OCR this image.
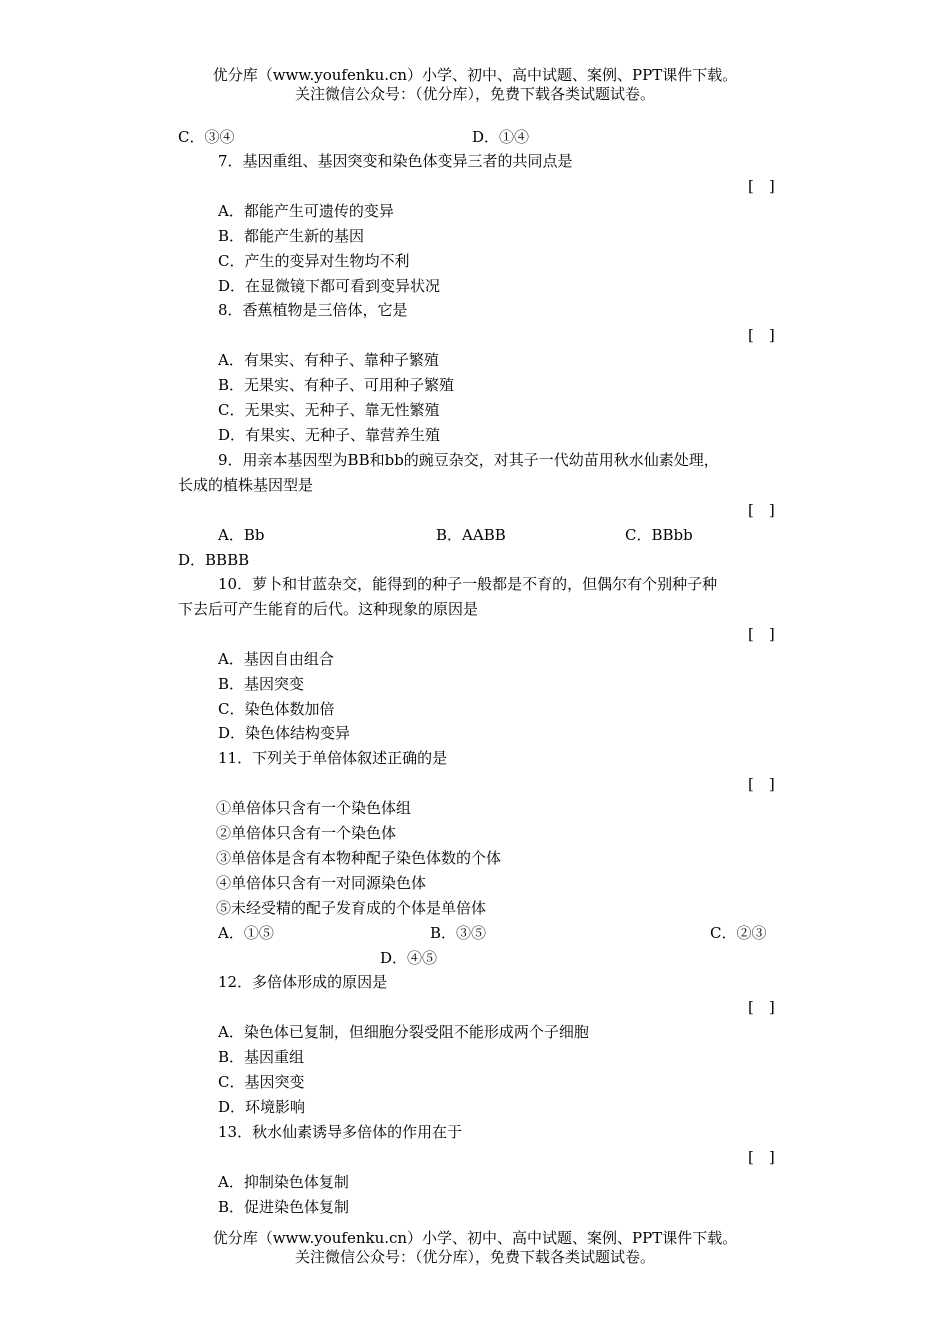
优分库（www.youfenku.cn）小学、初中、高中试题、案例、PPT课件下载。
关注微信公众号：（优分库），免费下载各类试题试卷。
C．③④	D．①④
7．基因重组、基因突变和染色体变异三者的共同点是
[　]
A．都能产生可遗传的变异
B．都能产生新的基因
C．产生的变异对生物均不利
D．在显微镜下都可看到变异状况
8．香蕉植物是三倍体，它是
[　]
A．有果实、有种子、靠种子繁殖
B．无果实、有种子、可用种子繁殖
C．无果实、无种子、靠无性繁殖
D．有果实、无种子、靠营养生殖
9．用亲本基因型为BB和bb的豌豆杂交，对其子一代幼苗用秋水仙素处理，
长成的植株基因型是
[　]
A．Bb	B．AABB	C．BBbb
D．BBBB
10．萝卜和甘蓝杂交，能得到的种子一般都是不育的，但偶尔有个别种子种
下去后可产生能育的后代。这种现象的原因是
[　]
A．基因自由组合
B．基因突变
C．染色体数加倍
D．染色体结构变异
11．下列关于单倍体叙述正确的是
[　]
①单倍体只含有一个染色体组
②单倍体只含有一个染色体
③单倍体是含有本物种配子染色体数的个体
④单倍体只含有一对同源染色体
⑤未经受精的配子发育成的个体是单倍体
A．①⑤	B．③⑤	C．②③
D．④⑤
12．多倍体形成的原因是
[　]
A．染色体已复制，但细胞分裂受阻不能形成两个子细胞
B．基因重组
C．基因突变
D．环境影响
13．秋水仙素诱导多倍体的作用在于
[　]
A．抑制染色体复制
B．促进染色体复制
优分库（www.youfenku.cn）小学、初中、高中试题、案例、PPT课件下载。
关注微信公众号：（优分库），免费下载各类试题试卷。
